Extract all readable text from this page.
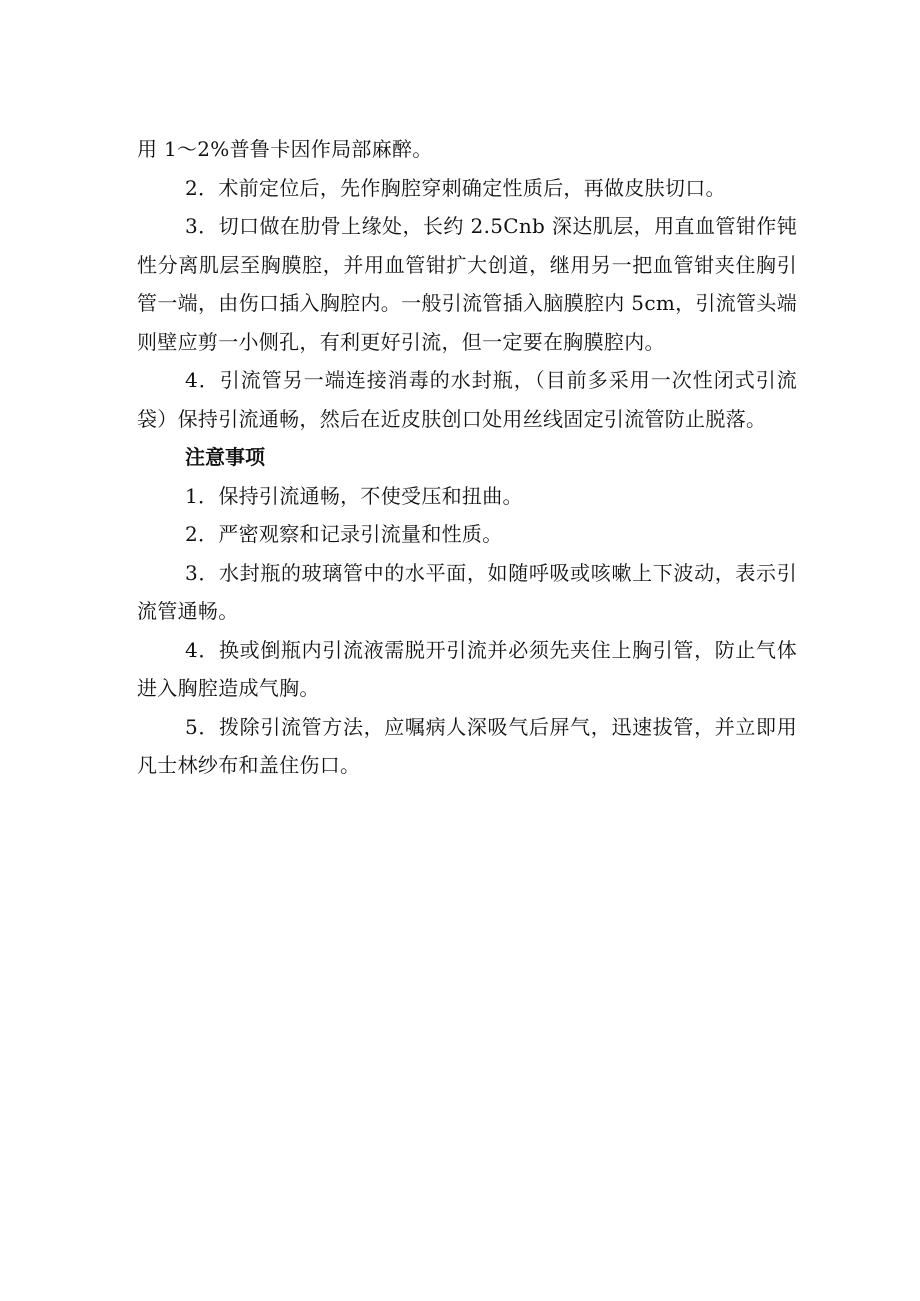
用 1～2%普鲁卡因作局部麻醉。

2．术前定位后，先作胸腔穿刺确定性质后，再做皮肤切口。

3．切口做在肋骨上缘处，长约 2.5Cnb 深达肌层，用直血管钳作钝性分离肌层至胸膜腔，并用血管钳扩大创道，继用另一把血管钳夹住胸引管一端，由伤口插入胸腔内。一般引流管插入脑膜腔内 5cm，引流管头端则壁应剪一小侧孔，有利更好引流，但一定要在胸膜腔内。

4．引流管另一端连接消毒的水封瓶，（目前多采用一次性闭式引流袋）保持引流通畅，然后在近皮肤创口处用丝线固定引流管防止脱落。

注意事项

1．保持引流通畅，不使受压和扭曲。

2．严密观察和记录引流量和性质。

3．水封瓶的玻璃管中的水平面，如随呼吸或咳嗽上下波动，表示引流管通畅。

4．换或倒瓶内引流液需脱开引流并必须先夹住上胸引管，防止气体进入胸腔造成气胸。

5．拨除引流管方法，应嘱病人深吸气后屏气，迅速拔管，并立即用凡士林纱布和盖住伤口。
